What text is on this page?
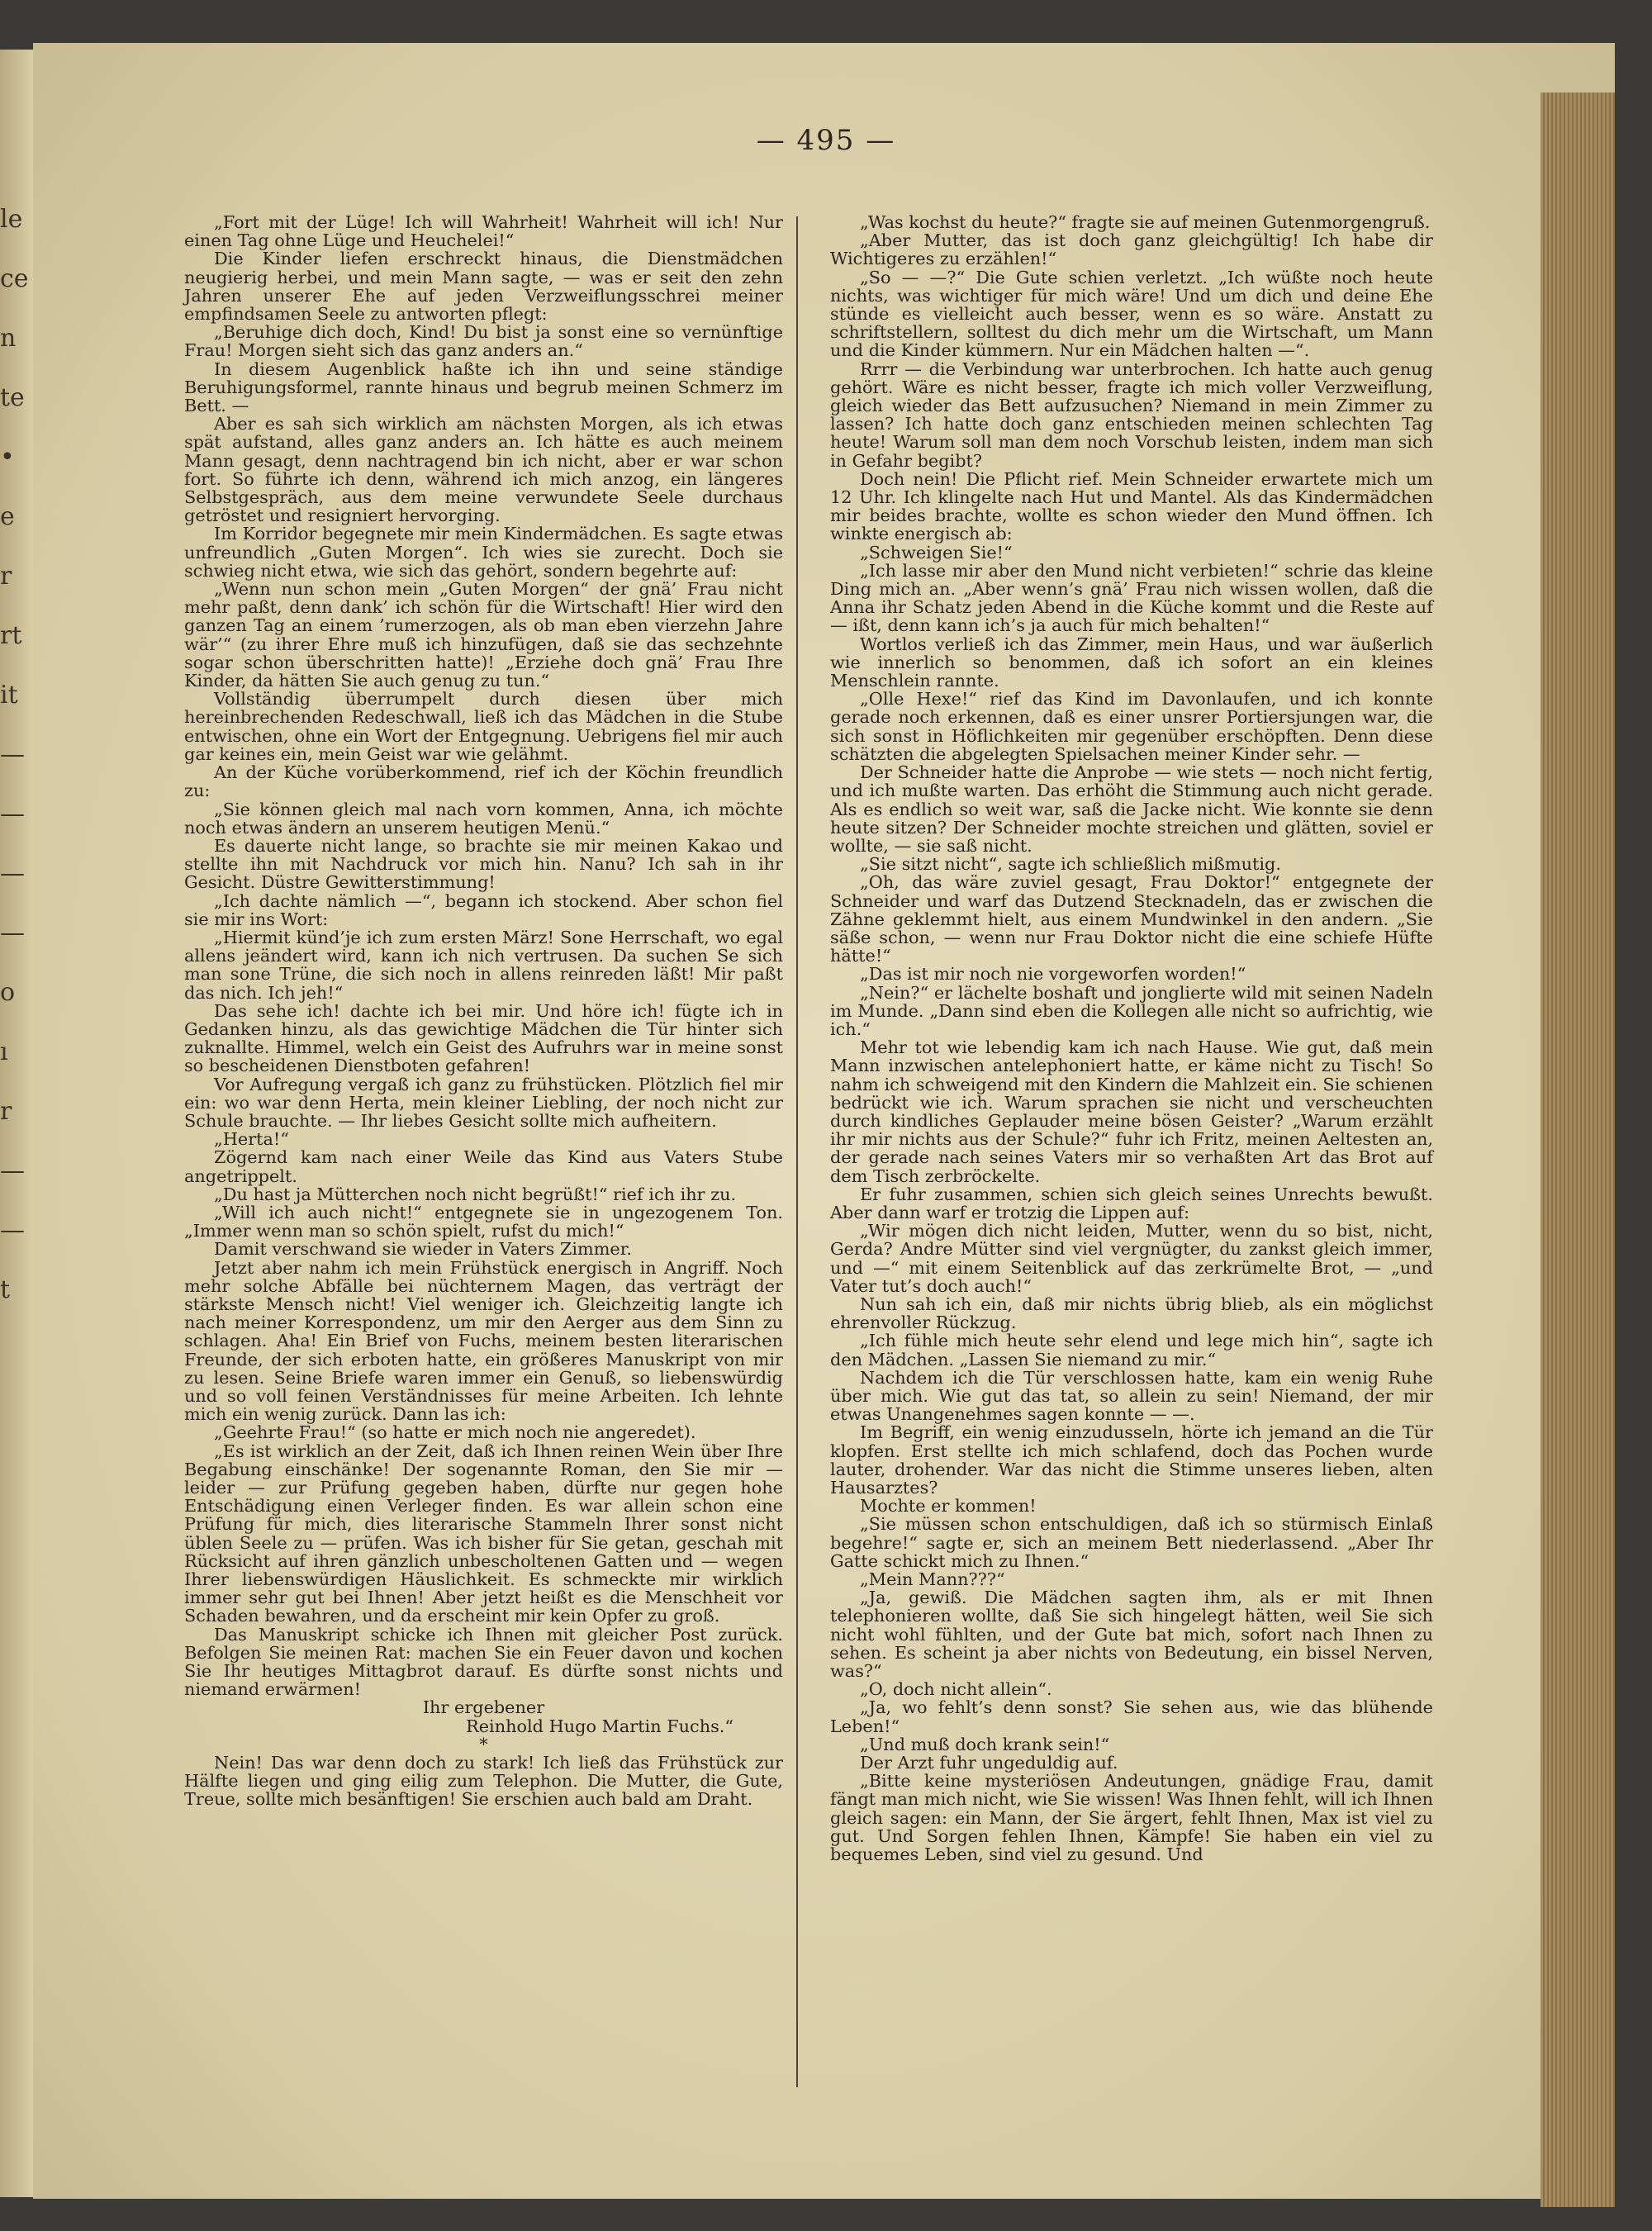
le
ce
n
te
•
e
r
rt
it
—
—
—
—
o
ı
r
—
—
t
— 495 —

„Fort mit der Lüge! Ich will Wahrheit! Wahrheit will ich! Nur einen Tag ohne Lüge und Heuchelei!“

Die Kinder liefen erschreckt hinaus, die Dienstmädchen neugierig herbei, und mein Mann sagte, — was er seit den zehn Jahren unserer Ehe auf jeden Verzweiflungsschrei meiner empfindsamen Seele zu antworten pflegt:

„Beruhige dich doch, Kind! Du bist ja sonst eine so vernünftige Frau! Morgen sieht sich das ganz anders an.“

In diesem Augenblick haßte ich ihn und seine ständige Beruhigungsformel, rannte hinaus und begrub meinen Schmerz im Bett. —

Aber es sah sich wirklich am nächsten Morgen, als ich etwas spät aufstand, alles ganz anders an. Ich hätte es auch meinem Mann gesagt, denn nachtragend bin ich nicht, aber er war schon fort. So führte ich denn, während ich mich anzog, ein längeres Selbstgespräch, aus dem meine verwundete Seele durchaus getröstet und resigniert hervorging.

Im Korridor begegnete mir mein Kindermädchen. Es sagte etwas unfreundlich „Guten Morgen“. Ich wies sie zurecht. Doch sie schwieg nicht etwa, wie sich das gehört, sondern begehrte auf:

„Wenn nun schon mein „Guten Morgen“ der gnä’ Frau nicht mehr paßt, denn dank’ ich schön für die Wirtschaft! Hier wird den ganzen Tag an einem ’rumerzogen, als ob man eben vierzehn Jahre wär’“ (zu ihrer Ehre muß ich hinzufügen, daß sie das sechzehnte sogar schon überschritten hatte)! „Erziehe doch gnä’ Frau Ihre Kinder, da hätten Sie auch genug zu tun.“

Vollständig überrumpelt durch diesen über mich hereinbrechenden Redeschwall, ließ ich das Mädchen in die Stube entwischen, ohne ein Wort der Entgegnung. Uebrigens fiel mir auch gar keines ein, mein Geist war wie gelähmt.

An der Küche vorüberkommend, rief ich der Köchin freundlich zu:

„Sie können gleich mal nach vorn kommen, Anna, ich möchte noch etwas ändern an unserem heutigen Menü.“

Es dauerte nicht lange, so brachte sie mir meinen Kakao und stellte ihn mit Nachdruck vor mich hin. Nanu? Ich sah in ihr Gesicht. Düstre Gewitterstimmung!

„Ich dachte nämlich —“, begann ich stockend. Aber schon fiel sie mir ins Wort:

„Hiermit künd’je ich zum ersten März! Sone Herrschaft, wo egal allens jeändert wird, kann ich nich vertrusen. Da suchen Se sich man sone Trüne, die sich noch in allens reinreden läßt! Mir paßt das nich. Ich jeh!“

Das sehe ich! dachte ich bei mir. Und höre ich! fügte ich in Gedanken hinzu, als das gewichtige Mädchen die Tür hinter sich zuknallte. Himmel, welch ein Geist des Aufruhrs war in meine sonst so bescheidenen Dienstboten gefahren!

Vor Aufregung vergaß ich ganz zu frühstücken. Plötzlich fiel mir ein: wo war denn Herta, mein kleiner Liebling, der noch nicht zur Schule brauchte. — Ihr liebes Gesicht sollte mich aufheitern.

„Herta!“

Zögernd kam nach einer Weile das Kind aus Vaters Stube angetrippelt.

„Du hast ja Mütterchen noch nicht begrüßt!“ rief ich ihr zu.

„Will ich auch nicht!“ entgegnete sie in ungezogenem Ton. „Immer wenn man so schön spielt, rufst du mich!“

Damit verschwand sie wieder in Vaters Zimmer.

Jetzt aber nahm ich mein Frühstück energisch in Angriff. Noch mehr solche Abfälle bei nüchternem Magen, das verträgt der stärkste Mensch nicht! Viel weniger ich. Gleichzeitig langte ich nach meiner Korrespondenz, um mir den Aerger aus dem Sinn zu schlagen. Aha! Ein Brief von Fuchs, meinem besten literarischen Freunde, der sich erboten hatte, ein größeres Manuskript von mir zu lesen. Seine Briefe waren immer ein Genuß, so liebenswürdig und so voll feinen Verständnisses für meine Arbeiten. Ich lehnte mich ein wenig zurück. Dann las ich:

„Geehrte Frau!“ (so hatte er mich noch nie angeredet).

„Es ist wirklich an der Zeit, daß ich Ihnen reinen Wein über Ihre Begabung einschänke! Der sogenannte Roman, den Sie mir — leider — zur Prüfung gegeben haben, dürfte nur gegen hohe Entschädigung einen Verleger finden. Es war allein schon eine Prüfung für mich, dies literarische Stammeln Ihrer sonst nicht üblen Seele zu — prüfen. Was ich bisher für Sie getan, geschah mit Rücksicht auf ihren gänzlich unbescholtenen Gatten und — wegen Ihrer liebenswürdigen Häuslichkeit. Es schmeckte mir wirklich immer sehr gut bei Ihnen! Aber jetzt heißt es die Menschheit vor Schaden bewahren, und da erscheint mir kein Opfer zu groß.

Das Manuskript schicke ich Ihnen mit gleicher Post zurück. Befolgen Sie meinen Rat: machen Sie ein Feuer davon und kochen Sie Ihr heutiges Mittagbrot darauf. Es dürfte sonst nichts und niemand erwärmen!

Ihr ergebener

Reinhold Hugo Martin Fuchs.“

*

Nein! Das war denn doch zu stark! Ich ließ das Frühstück zur Hälfte liegen und ging eilig zum Telephon. Die Mutter, die Gute, Treue, sollte mich besänftigen! Sie erschien auch bald am Draht.

„Was kochst du heute?“ fragte sie auf meinen Gutenmorgengruß.

„Aber Mutter, das ist doch ganz gleichgültig! Ich habe dir Wichtigeres zu erzählen!“

„So — —?“ Die Gute schien verletzt. „Ich wüßte noch heute nichts, was wichtiger für mich wäre! Und um dich und deine Ehe stünde es vielleicht auch besser, wenn es so wäre. Anstatt zu schriftstellern, solltest du dich mehr um die Wirtschaft, um Mann und die Kinder kümmern. Nur ein Mädchen halten —“.

Rrrr — die Verbindung war unterbrochen. Ich hatte auch genug gehört. Wäre es nicht besser, fragte ich mich voller Verzweiflung, gleich wieder das Bett aufzusuchen? Niemand in mein Zimmer zu lassen? Ich hatte doch ganz entschieden meinen schlechten Tag heute! Warum soll man dem noch Vorschub leisten, indem man sich in Gefahr begibt?

Doch nein! Die Pflicht rief. Mein Schneider erwartete mich um 12 Uhr. Ich klingelte nach Hut und Mantel. Als das Kindermädchen mir beides brachte, wollte es schon wieder den Mund öffnen. Ich winkte energisch ab:

„Schweigen Sie!“

„Ich lasse mir aber den Mund nicht verbieten!“ schrie das kleine Ding mich an. „Aber wenn’s gnä’ Frau nich wissen wollen, daß die Anna ihr Schatz jeden Abend in die Küche kommt und die Reste auf — ißt, denn kann ich’s ja auch für mich behalten!“

Wortlos verließ ich das Zimmer, mein Haus, und war äußerlich wie innerlich so benommen, daß ich sofort an ein kleines Menschlein rannte.

„Olle Hexe!“ rief das Kind im Davonlaufen, und ich konnte gerade noch erkennen, daß es einer unsrer Portiersjungen war, die sich sonst in Höflichkeiten mir gegenüber erschöpften. Denn diese schätzten die abgelegten Spielsachen meiner Kinder sehr. —

Der Schneider hatte die Anprobe — wie stets — noch nicht fertig, und ich mußte warten. Das erhöht die Stimmung auch nicht gerade. Als es endlich so weit war, saß die Jacke nicht. Wie konnte sie denn heute sitzen? Der Schneider mochte streichen und glätten, soviel er wollte, — sie saß nicht.

„Sie sitzt nicht“, sagte ich schließlich mißmutig.

„Oh, das wäre zuviel gesagt, Frau Doktor!“ entgegnete der Schneider und warf das Dutzend Stecknadeln, das er zwischen die Zähne geklemmt hielt, aus einem Mundwinkel in den andern. „Sie säße schon, — wenn nur Frau Doktor nicht die eine schiefe Hüfte hätte!“

„Das ist mir noch nie vorgeworfen worden!“

„Nein?“ er lächelte boshaft und jonglierte wild mit seinen Nadeln im Munde. „Dann sind eben die Kollegen alle nicht so aufrichtig, wie ich.“

Mehr tot wie lebendig kam ich nach Hause. Wie gut, daß mein Mann inzwischen antelephoniert hatte, er käme nicht zu Tisch! So nahm ich schweigend mit den Kindern die Mahlzeit ein. Sie schienen bedrückt wie ich. Warum sprachen sie nicht und verscheuchten durch kindliches Geplauder meine bösen Geister? „Warum erzählt ihr mir nichts aus der Schule?“ fuhr ich Fritz, meinen Aeltesten an, der gerade nach seines Vaters mir so verhaßten Art das Brot auf dem Tisch zerbröckelte.

Er fuhr zusammen, schien sich gleich seines Unrechts bewußt. Aber dann warf er trotzig die Lippen auf:

„Wir mögen dich nicht leiden, Mutter, wenn du so bist, nicht, Gerda? Andre Mütter sind viel vergnügter, du zankst gleich immer, und —“ mit einem Seitenblick auf das zerkrümelte Brot, — „und Vater tut’s doch auch!“

Nun sah ich ein, daß mir nichts übrig blieb, als ein möglichst ehrenvoller Rückzug.

„Ich fühle mich heute sehr elend und lege mich hin“, sagte ich den Mädchen. „Lassen Sie niemand zu mir.“

Nachdem ich die Tür verschlossen hatte, kam ein wenig Ruhe über mich. Wie gut das tat, so allein zu sein! Niemand, der mir etwas Unangenehmes sagen konnte — —.

Im Begriff, ein wenig einzudusseln, hörte ich jemand an die Tür klopfen. Erst stellte ich mich schlafend, doch das Pochen wurde lauter, drohender. War das nicht die Stimme unseres lieben, alten Hausarztes?

Mochte er kommen!

„Sie müssen schon entschuldigen, daß ich so stürmisch Einlaß begehre!“ sagte er, sich an meinem Bett niederlassend. „Aber Ihr Gatte schickt mich zu Ihnen.“

„Mein Mann???“

„Ja, gewiß. Die Mädchen sagten ihm, als er mit Ihnen telephonieren wollte, daß Sie sich hingelegt hätten, weil Sie sich nicht wohl fühlten, und der Gute bat mich, sofort nach Ihnen zu sehen. Es scheint ja aber nichts von Bedeutung, ein bissel Nerven, was?“

„O, doch nicht allein“.

„Ja, wo fehlt’s denn sonst? Sie sehen aus, wie das blühende Leben!“

„Und muß doch krank sein!“

Der Arzt fuhr ungeduldig auf.

„Bitte keine mysteriösen Andeutungen, gnädige Frau, damit fängt man mich nicht, wie Sie wissen! Was Ihnen fehlt, will ich Ihnen gleich sagen: ein Mann, der Sie ärgert, fehlt Ihnen, Max ist viel zu gut. Und Sorgen fehlen Ihnen, Kämpfe! Sie haben ein viel zu bequemes Leben, sind viel zu gesund. Und
